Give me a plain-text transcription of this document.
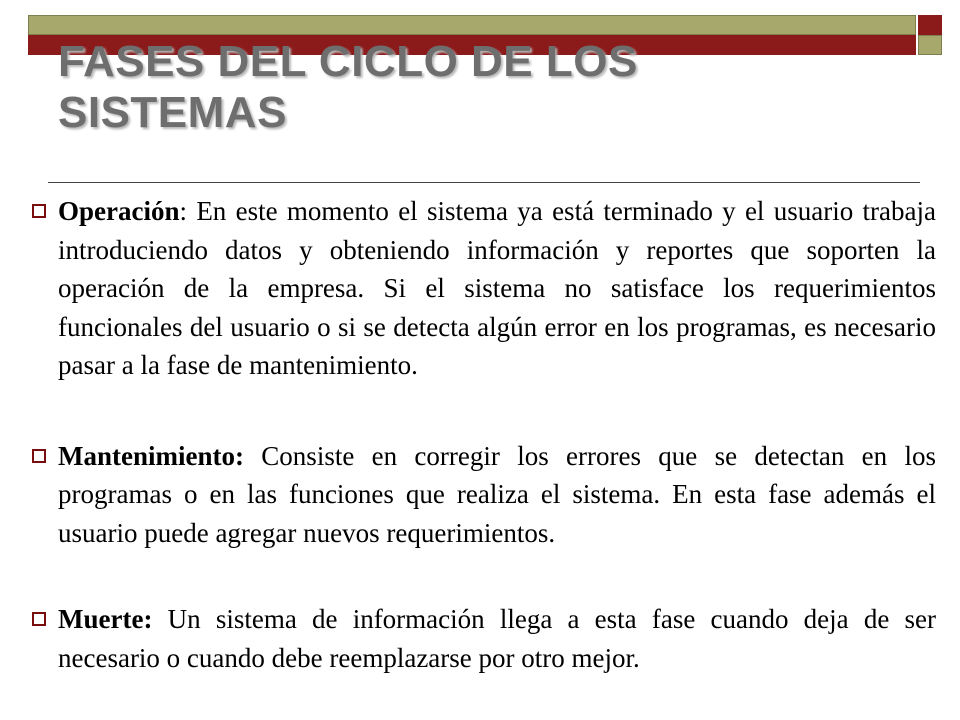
FASES DEL CICLO DE LOS SISTEMAS
Operación: En este momento el sistema ya está terminado y el usuario trabaja introduciendo datos y obteniendo información y reportes que soporten la operación de la empresa. Si el sistema no satisface los requerimientos funcionales del usuario o si se detecta algún error en los programas, es necesario pasar a la fase de mantenimiento.
Mantenimiento: Consiste en corregir los errores que se detectan en los programas o en las funciones que realiza el sistema. En esta fase además el usuario puede agregar nuevos requerimientos.
Muerte: Un sistema de información llega a esta fase cuando deja de ser necesario o cuando debe reemplazarse por otro mejor.
